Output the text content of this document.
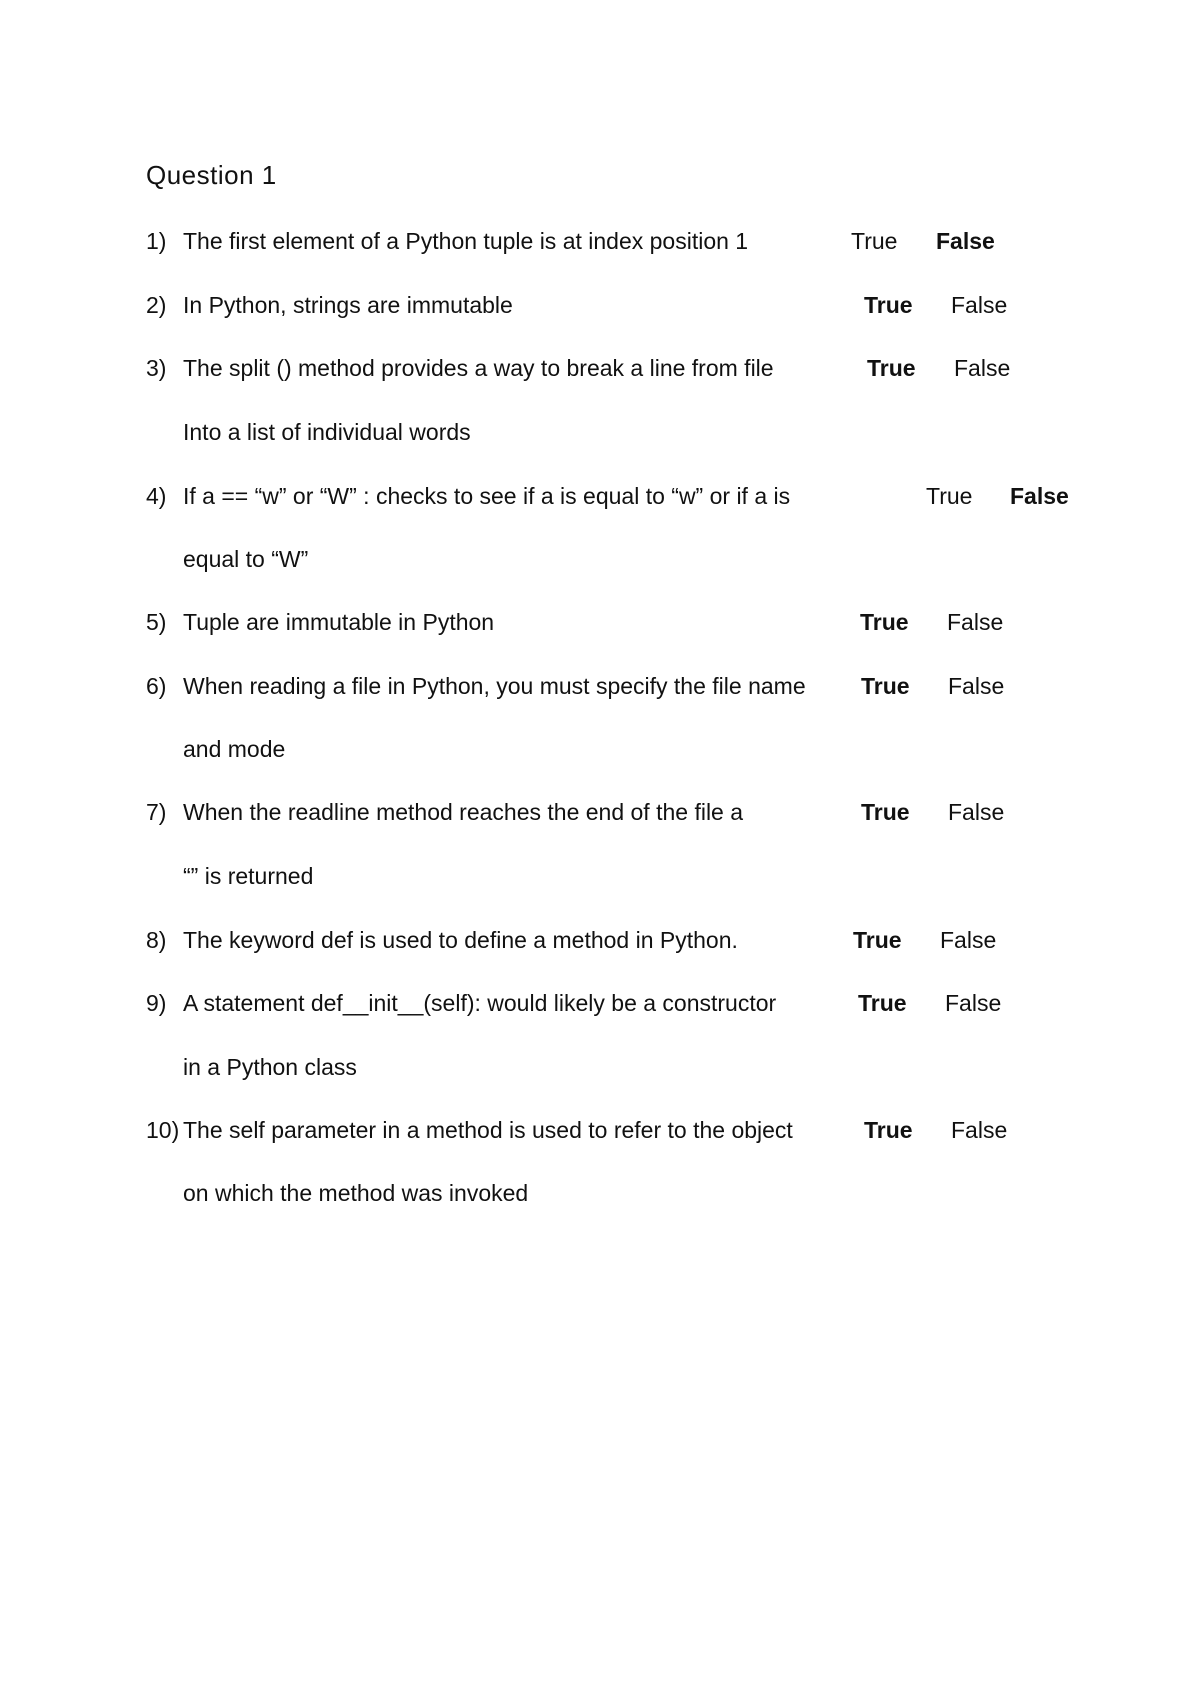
Question 1
1) The first element of a Python tuple is at index position 1	True False
2) In Python, strings are immutable	True False
3) The split () method provides a way to break a line from file	True False
Into a list of individual words
4) If a == “w” or “W” : checks to see if a is equal to “w” or if a is	True False
equal to “W”
5) Tuple are immutable in Python	True False
6) When reading a file in Python, you must specify the file name True False
and mode
7) When the readline method reaches the end of the file a	True False
“” is returned
8) The keyword def is used to define a method in Python.	True False
9) A statement def__init__(self): would likely be a constructor	True False
in a Python class
10) The self parameter in a method is used to refer to the object	True False
on which the method was invoked
